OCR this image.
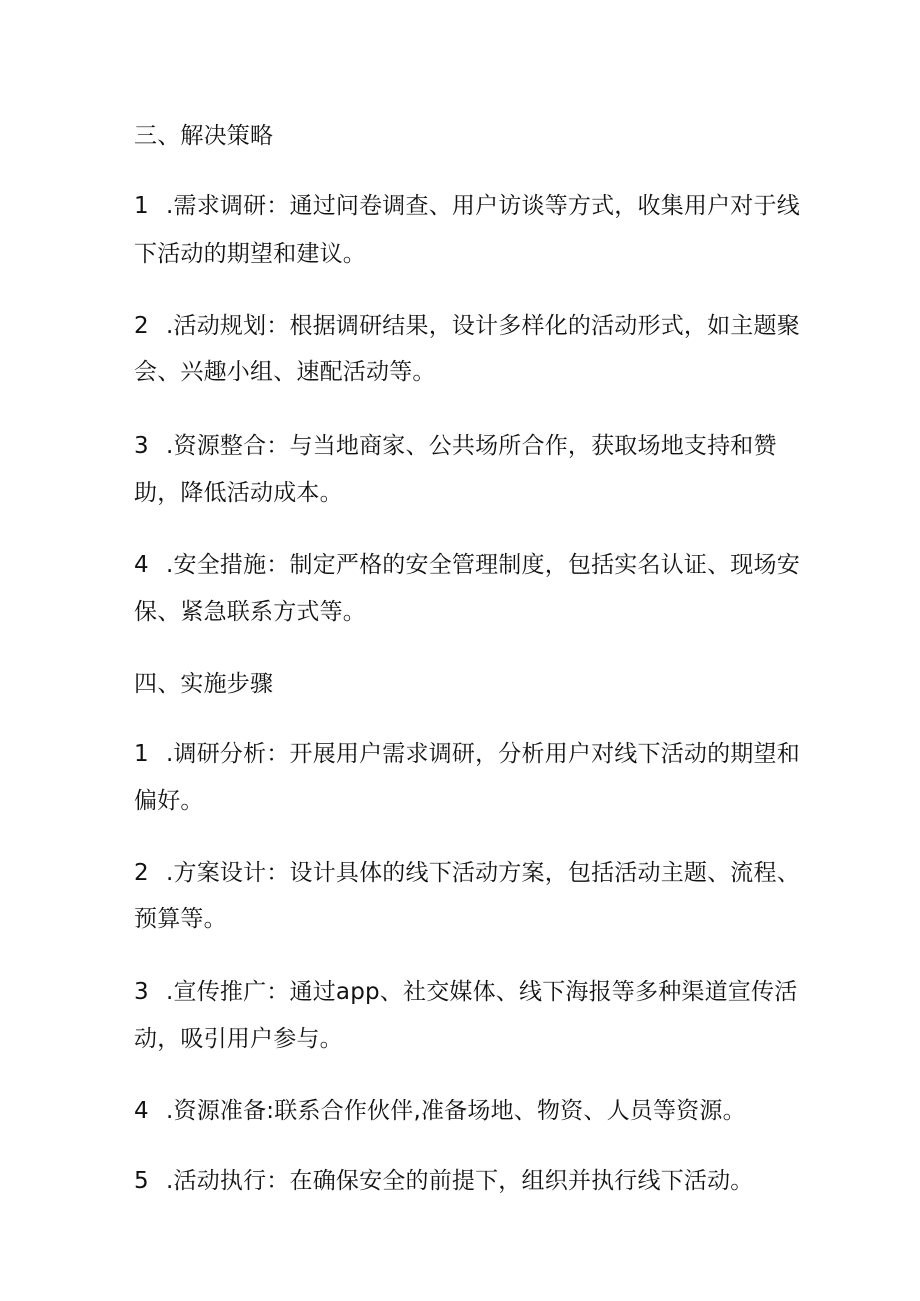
三、解决策略
1 .需求调研：通过问卷调查、用户访谈等方式，收集用户对于线
下活动的期望和建议。
2 .活动规划：根据调研结果，设计多样化的活动形式，如主题聚
会、兴趣小组、速配活动等。
3 .资源整合：与当地商家、公共场所合作，获取场地支持和赞
助，降低活动成本。
4 .安全措施：制定严格的安全管理制度，包括实名认证、现场安
保、紧急联系方式等。
四、实施步骤
1 .调研分析：开展用户需求调研，分析用户对线下活动的期望和
偏好。
2 .方案设计：设计具体的线下活动方案，包括活动主题、流程、
预算等。
3 .宣传推广：通过app、社交媒体、线下海报等多种渠道宣传活
动，吸引用户参与。
4 .资源准备:联系合作伙伴,准备场地、物资、人员等资源。
5 .活动执行：在确保安全的前提下，组织并执行线下活动。
